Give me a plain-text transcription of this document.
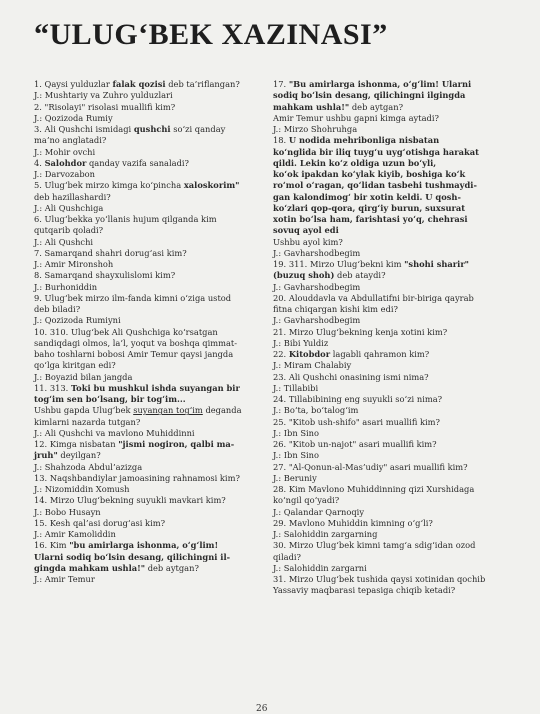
“ULUG‘BEK XAZINASI”
1. Qaysi yulduzlar falak qozisi deb ta’riflangan?
J.: Mushtariy va Zuhro yulduzlari
2. "Risolayi" risolasi muallifi kim?
J.: Qozizoda Rumiy
3. Ali Qushchi ismidagi qushchi so‘zi qanday
ma’no anglatadi?
J.: Mohir ovchi
4. Salohdor qanday vazifa sanaladi?
J.: Darvozabon
5. Ulug‘bek mirzo kimga ko‘pincha xaloskorim"
deb hazillashardi?
J.: Ali Qushchiga
6. Ulug‘bekka yo‘llanis hujum qilganda kim
qutqarib qoladi?
J.: Ali Qushchi
7. Samarqand shahri dorug‘asi kim?
J.: Amir Mironshoh
8. Samarqand shayxulislomi kim?
J.: Burhoniddin
9. Ulug‘bek mirzo ilm-fanda kimni o‘ziga ustod
deb biladi?
J.: Qozizoda Rumiyni
10. 310. Ulug‘bek Ali Qushchiga ko‘rsatgan
sandiqdagi olmos, la’l, yoqut va boshqa qimmat-
baho toshlarni bobosi Amir Temur qaysi jangda
qo‘lga kiritgan edi?
J.: Boyazid bilan jangda
11. 313. Toki bu mushkul ishda suyangan bir
tog‘im sen bo‘lsang, bir tog‘im...
Ushbu gapda Ulug‘bek suyangan tog‘im deganda
kimlarni nazarda tutgan?
J.: Ali Qushchi va mavlono Muhiddinni
12. Kimga nisbatan "jismi nogiron, qalbi ma-
jruh" deyilgan?
J.: Shahzoda Abdul’azizga
13. Naqshbandiylar jamoasining rahnamosi kim?
J.: Nizomiddin Xomush
14. Mirzo Ulug‘bekning suyukli mavkari kim?
J.: Bobo Husayn
15. Kesh qal’asi dorug‘asi kim?
J.: Amir Kamoliddin
16. Kim "bu amirlarga ishonma, o‘g‘lim!
Ularni sodiq bo‘lsin desang, qilichingni il-
gingda mahkam ushla!" deb aytgan?
J.: Amir Temur
17. "Bu amirlarga ishonma, o‘g‘lim! Ularni
sodiq bo‘lsin desang, qilichingni ilgingda
mahkam ushla!" deb aytgan?
Amir Temur ushbu gapni kimga aytadi?
J.: Mirzo Shohruhga
18. U nodida mehribonliga nisbatan
ko‘nglida bir iliq tuyg‘u uyg‘otishga harakat
qildi. Lekin ko‘z oldiga uzun bo‘yli,
ko‘ok ipakdan ko‘ylak kiyib, boshiga ko‘k
ro‘mol o‘ragan, qo‘lidan tasbehi tushmaydi-
gan kalondimog‘ bir xotin keldi. U qosh-
ko‘zlari qop-qora, qirg‘iy burun, suxsurat
xotin bo‘lsa ham, farishtasi yo‘q, chehrasi
sovuq ayol edi
Ushbu ayol kim?
J.: Gavharshodbegim
19. 311. Mirzo Ulug‘bekni kim "shohi sharir"
(buzuq shoh) deb ataydi?
J.: Gavharshodbegim
20. Alouddavla va Abdullatifni bir-biriga qayrab
fitna chiqargan kishi kim edi?
J.: Gavharshodbegim
21. Mirzo Ulug‘bekning kenja xotini kim?
J.: Bibi Yuldiz
22. Kitobdor lagabli qahramon kim?
J.: Miram Chalabiy
23. Ali Qushchi onasining ismi nima?
J.: Tillabibi
24. Tillabibining eng suyukli so‘zi nima?
J.: Bo‘ta, bo‘talog‘im
25. "Kitob ush-shifo" asari muallifi kim?
J.: Ibn Sino
26. "Kitob un-najot" asari muallifi kim?
J.: Ibn Sino
27. "Al-Qonun-al-Mas’udiy" asari muallifi kim?
J.: Beruniy
28. Kim Mavlono Muhiddinning qizi Xurshidaga
ko‘ngil qo‘yadi?
J.: Qalandar Qarnoqiy
29. Mavlono Muhiddin kimning o‘g‘li?
J.: Salohiddin zargarning
30. Mirzo Ulug‘bek kimni tamg‘a sdig‘idan ozod
qiladi?
J.: Salohiddin zargarni
31. Mirzo Ulug‘bek tushida qaysi xotinidan qochib
Yassaviy maqbarasi tepasiga chiqib ketadi?
26
